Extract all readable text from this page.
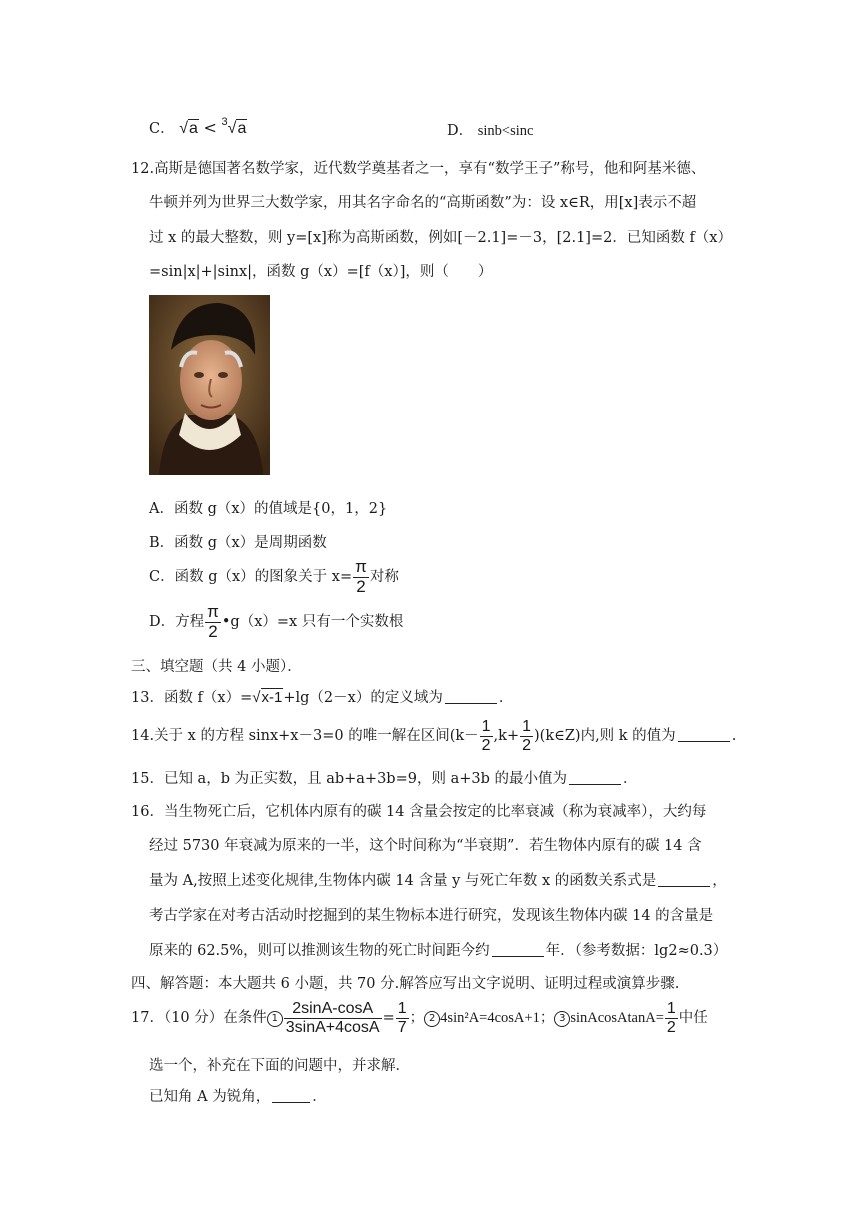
C． √a < $^3$√a	D． sinb<sinc
12.高斯是德国著名数学家，近代数学奠基者之一，享有“数学王子”称号，他和阿基米德、
牛顿并列为世界三大数学家，用其名字命名的“高斯函数”为：设 x∈R，用[x]表示不超
过 x 的最大整数，则 y=[x]称为高斯函数，例如[－2.1]=－3，[2.1]=2．已知函数 f（x）
=sin|x|+|sinx|，函数 g（x）=[f（x）]，则（　　）
A．函数 g（x）的值域是{0，1，2}
B．函数 g（x）是周期函数
C．函数 g（x）的图象关于 $x= \frac{\pi}{2}$ 对称
D．方程 $\frac{\pi}{2}$ •g（x）=x 只有一个实数根
三、填空题（共 4 小题）．
13．函数 f（x）=√x-1+lg（2－x）的定义域为	．
14.关于 x 的方程 sinx+x－3=0 的唯一解在区间($k- \frac{1}{2} ,k+ \frac{1}{2}$ )(k∈Z)内,则 k 的值为	.
15．已知 a，b 为正实数，且 ab+a+3b=9，则 a+3b 的最小值为	．
16．当生物死亡后，它机体内原有的碳 14 含量会按定的比率衰减（称为衰减率），大约每
经过 5730 年衰减为原来的一半，这个时间称为“半衰期”．若生物体内原有的碳 14 含
量为 A,按照上述变化规律,生物体内碳 14 含量 y 与死亡年数 x 的函数关系式是	，
考古学家在对考古活动时挖掘到的某生物标本进行研究，发现该生物体内碳 14 的含量是
原来的 62.5%，则可以推测该生物的死亡时间距今约	年．（参考数据：lg2≈0.3）
四、解答题：本大题共 6 小题，共 70 分.解答应写出文字说明、证明过程或演算步骤.
17．（10 分）在条件 $1 \frac{2\sin A-\cos A}{3\sin A+4\cos A} = \frac{1}{7}$ ； 2 4sin²A=4cosA+1； 3 sinAcosAtanA= $\frac{1}{2}$ 中任
选一个，补充在下面的问题中，并求解．
已知角 A 为锐角，	．
